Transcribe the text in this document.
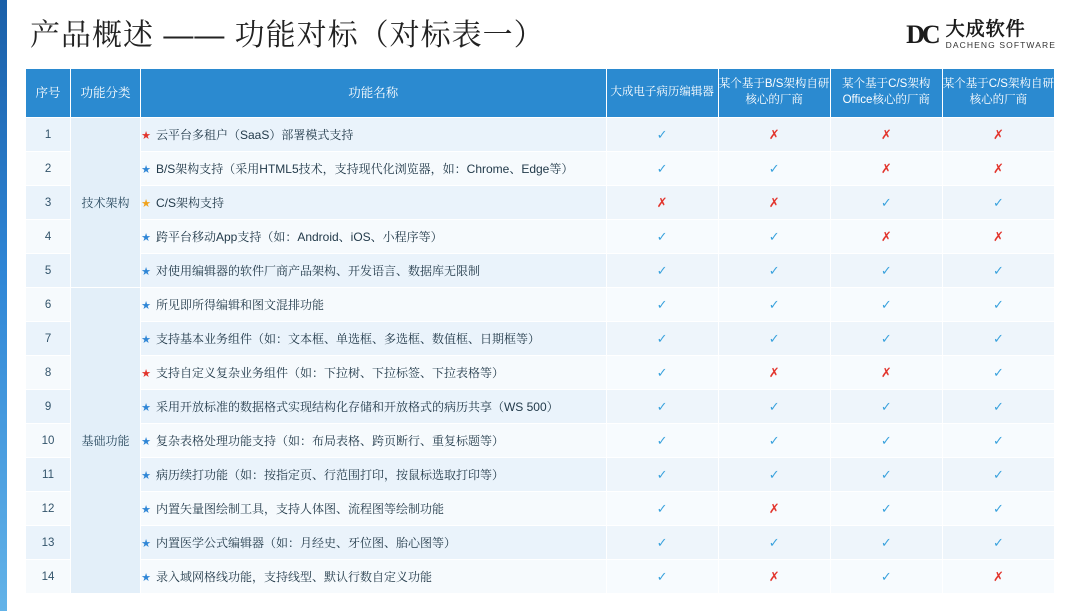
产品概述 —— 功能对标（对标表一）	DC 大成软件
DACHENG SOFTWARE
序号	功能分类	功能名称	大成电子病历编辑器	某个基于B/S架构自研核心的厂商	某个基于C/S架构Office核心的厂商	某个基于C/S架构自研核心的厂商
1	技术架构	★ 云平台多租户（SaaS）部署模式支持	✓	✗	✗	✗
2		★ B/S架构支持（采用HTML5技术，支持现代化浏览器，如：Chrome、Edge等）	✓	✓	✗	✗
3		★ C/S架构支持	✗	✗	✓	✓
4		★ 跨平台移动App支持（如：Android、iOS、小程序等）	✓	✓	✗	✗
5		★ 对使用编辑器的软件厂商产品架构、开发语言、数据库无限制	✓	✓	✓	✓
6	基础功能	★ 所见即所得编辑和图文混排功能	✓	✓	✓	✓
7		★ 支持基本业务组件（如：文本框、单选框、多选框、数值框、日期框等）	✓	✓	✓	✓
8		★ 支持自定义复杂业务组件（如：下拉树、下拉标签、下拉表格等）	✓	✗	✗	✓
9		★ 采用开放标准的数据格式实现结构化存储和开放格式的病历共享（WS 500）	✓	✓	✓	✓
10		★ 复杂表格处理功能支持（如：布局表格、跨页断行、重复标题等）	✓	✓	✓	✓
11		★ 病历续打功能（如：按指定页、行范围打印，按鼠标选取打印等）	✓	✓	✓	✓
12		★ 内置矢量图绘制工具，支持人体图、流程图等绘制功能	✓	✗	✓	✓
13		★ 内置医学公式编辑器（如：月经史、牙位图、胎心图等）	✓	✓	✓	✓
14		★ 录入域网格线功能，支持线型、默认行数自定义功能	✓	✗	✓	✗
